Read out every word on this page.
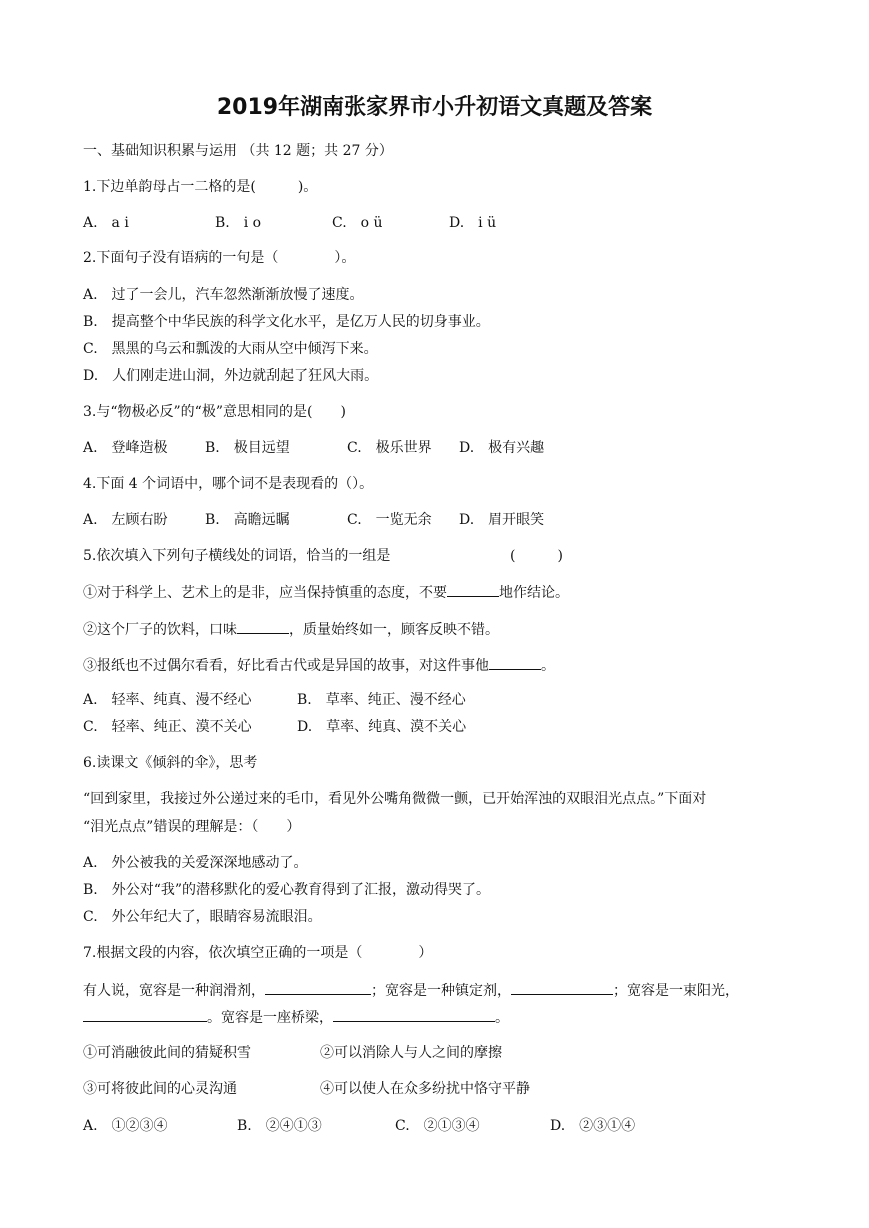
2019年湖南张家界市小升初语文真题及答案
一、基础知识积累与运用 （共 12 题；共 27 分）
1.下边单韵母占一二格的是(　　　)。
A.　a i	B.　i o	C.　o ü	D.　i ü
2.下面句子没有语病的一句是（　　　　）。
A.　过了一会儿，汽车忽然渐渐放慢了速度。
B.　提高整个中华民族的科学文化水平，是亿万人民的切身事业。
C.　黑黑的乌云和瓢泼的大雨从空中倾泻下来。
D.　人们刚走进山洞，外边就刮起了狂风大雨。
3.与“物极必反”的“极”意思相同的是(　　)
A.　登峰造极	B.　极目远望	C.　极乐世界 D.　极有兴趣
4.下面 4 个词语中，哪个词不是表现看的（）。
A.　左顾右盼	B.　高瞻远瞩	C.　一览无余 D.　眉开眼笑
5.依次填入下列句子横线处的词语，恰当的一组是	(　　　)
①对于科学上、艺术上的是非，应当保持慎重的态度，不要	地作结论。
②这个厂子的饮料，口味	，质量始终如一，顾客反映不错。
③报纸也不过偶尔看看，好比看古代或是异国的故事，对这件事他	。
A.　轻率、纯真、漫不经心	B.　草率、纯正、漫不经心
C.　轻率、纯正、漠不关心	D.　草率、纯真、漠不关心
6.读课文《倾斜的伞》，思考
“回到家里，我接过外公递过来的毛巾，看见外公嘴角微微一颤，已开始浑浊的双眼泪光点点。”下面对
“泪光点点”错误的理解是：（　　）
A.　外公被我的关爱深深地感动了。
B.　外公对“我”的潜移默化的爱心教育得到了汇报，激动得哭了。
C.　外公年纪大了，眼睛容易流眼泪。
7.根据文段的内容，依次填空正确的一项是（　　　　）
有人说，宽容是一种润滑剂，	；宽容是一种镇定剂，	；宽容是一束阳光，
。宽容是一座桥梁，	。
①可消融彼此间的猜疑积雪	②可以消除人与人之间的摩擦
③可将彼此间的心灵沟通	④可以使人在众多纷扰中恪守平静
A.　①②③④	B.　②④①③	C.　②①③④	D.　②③①④
